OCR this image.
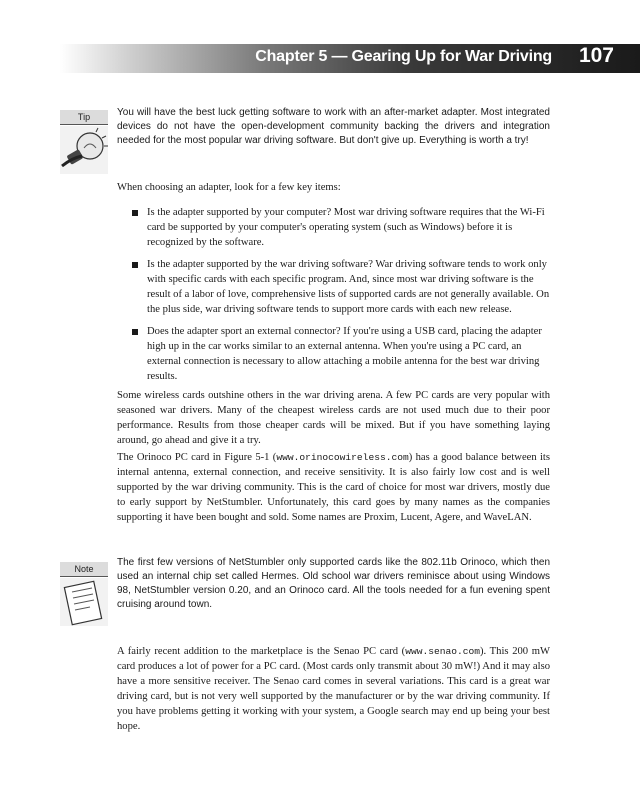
Chapter 5 — Gearing Up for War Driving 107
Tip	You will have the best luck getting software to work with an after-market adapter. Most integrated devices do not have the open-development community backing the drivers and integration needed for the most popular war driving software. But don't give up. Everything is worth a try!
When choosing an adapter, look for a few key items:
Is the adapter supported by your computer? Most war driving software requires that the Wi-Fi card be supported by your computer's operating system (such as Windows) before it is recognized by the software.
Is the adapter supported by the war driving software? War driving software tends to work only with specific cards with each specific program. And, since most war driving software is the result of a labor of love, comprehensive lists of supported cards are not generally available. On the plus side, war driving software tends to support more cards with each new release.
Does the adapter sport an external connector? If you're using a USB card, placing the adapter high up in the car works similar to an external antenna. When you're using a PC card, an external connection is necessary to allow attaching a mobile antenna for the best war driving results.
Some wireless cards outshine others in the war driving arena. A few PC cards are very popular with seasoned war drivers. Many of the cheapest wireless cards are not used much due to their poor performance. Results from those cheaper cards will be mixed. But if you have something laying around, go ahead and give it a try.
The Orinoco PC card in Figure 5-1 (www.orinocowireless.com) has a good balance between its internal antenna, external connection, and receive sensitivity. It is also fairly low cost and is well supported by the war driving community. This is the card of choice for most war drivers, mostly due to early support by NetStumbler. Unfortunately, this card goes by many names as the companies supporting it have been bought and sold. Some names are Proxim, Lucent, Agere, and WaveLAN.
Note
The first few versions of NetStumbler only supported cards like the 802.11b Orinoco, which then used an internal chip set called Hermes. Old school war drivers reminisce about using Windows 98, NetStumbler version 0.20, and an Orinoco card. All the tools needed for a fun evening spent cruising around town.
A fairly recent addition to the marketplace is the Senao PC card (www.senao.com). This 200 mW card produces a lot of power for a PC card. (Most cards only transmit about 30 mW!) And it may also have a more sensitive receiver. The Senao card comes in several variations. This card is a great war driving card, but is not very well supported by the manufacturer or by the war driving community. If you have problems getting it working with your system, a Google search may end up being your best hope.
